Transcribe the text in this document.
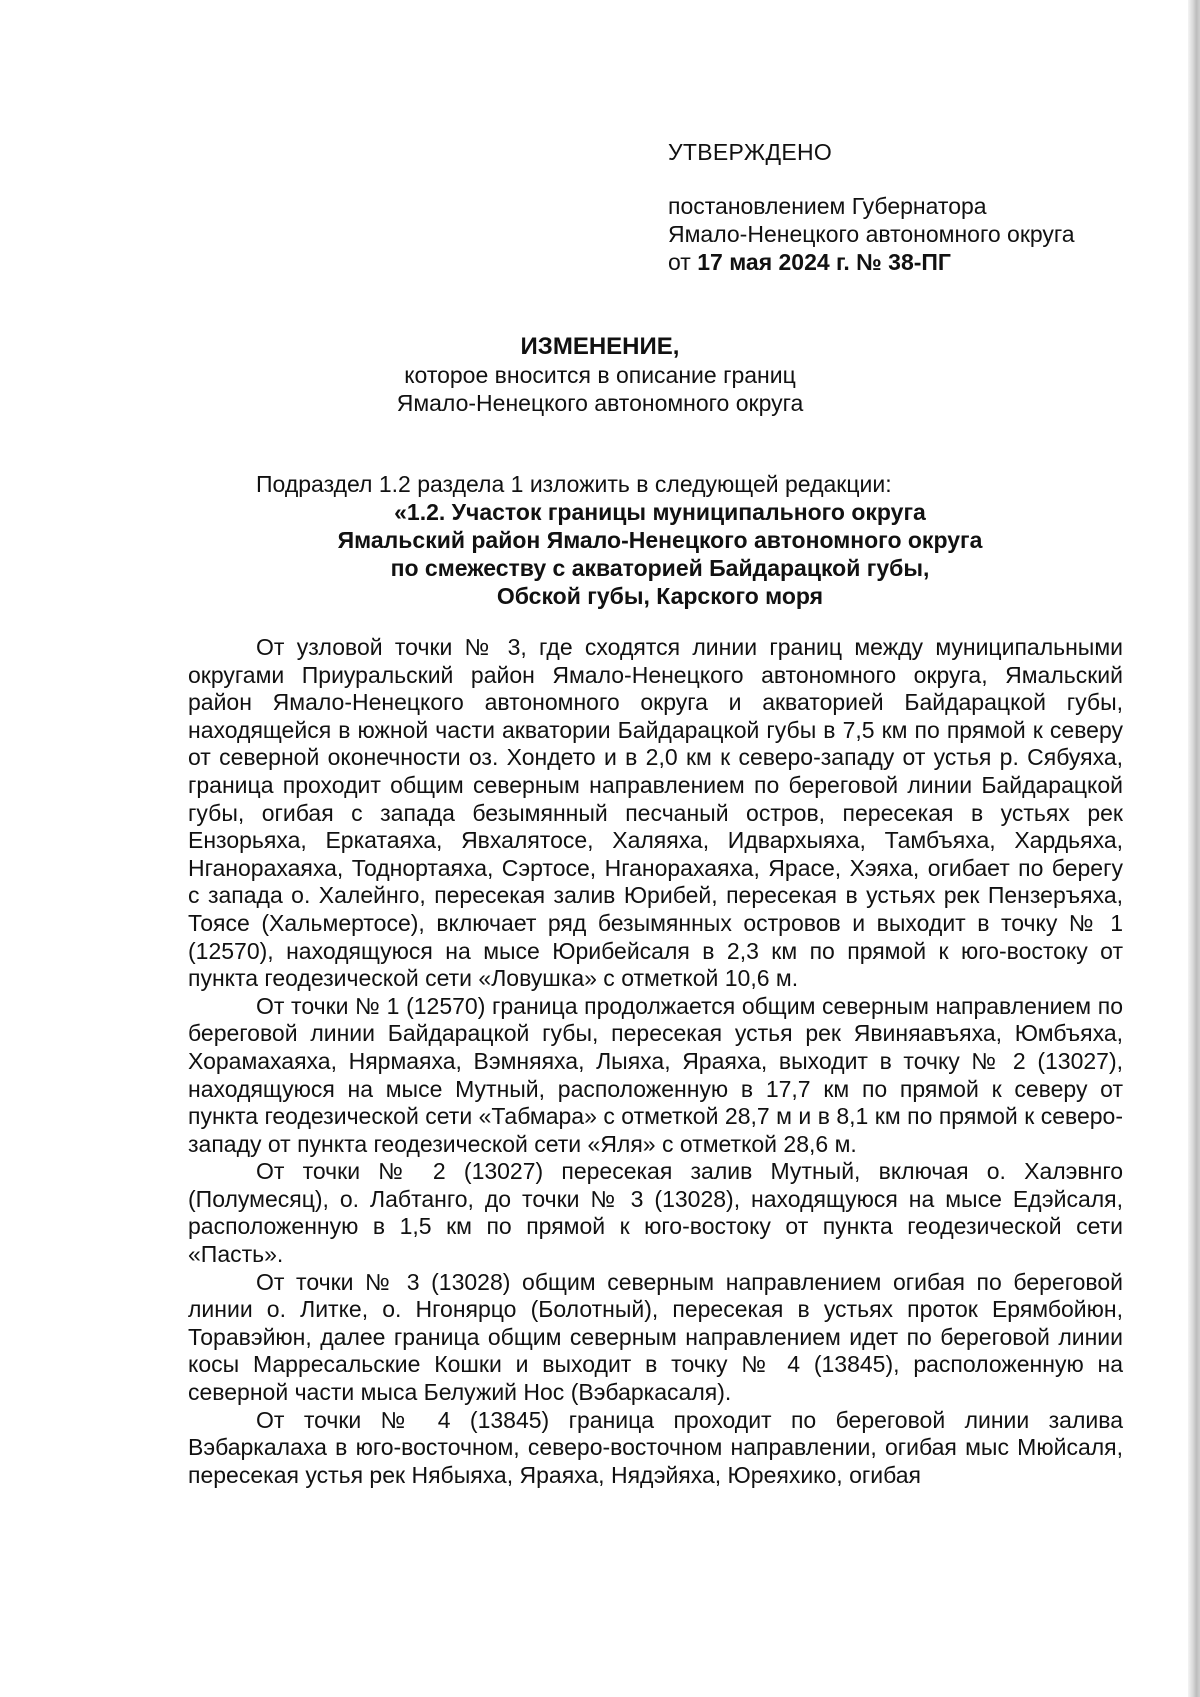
УТВЕРЖДЕНО
постановлением Губернатора
Ямало-Ненецкого автономного округа
от 17 мая 2024 г. № 38-ПГ
ИЗМЕНЕНИЕ,
которое вносится в описание границ
Ямало-Ненецкого автономного округа
Подраздел 1.2 раздела 1 изложить в следующей редакции:
«1.2. Участок границы муниципального округа
Ямальский район Ямало-Ненецкого автономного округа
по смежеству с акваторией Байдарацкой губы,
Обской губы, Карского моря

От узловой точки № 3, где сходятся линии границ между муниципальными округами Приуральский район Ямало-Ненецкого автономного округа, Ямальский район Ямало-Ненецкого автономного округа и акваторией Байдарацкой губы, находящейся в южной части акватории Байдарацкой губы в 7,5 км по прямой к северу от северной оконечности оз. Хондето и в 2,0 км к северо-западу от устья р. Сябуяха, граница проходит общим северным направлением по береговой линии Байдарацкой губы, огибая с запада безымянный песчаный остров, пересекая в устьях рек Ензорьяха, Еркатаяха, Явхалятосе, Халяяха, Идвархыяха, Тамбъяха, Хардьяха, Нганорахаяха, Тоднортаяха, Сэртосе, Нганорахаяха, Ярасе, Хэяха, огибает по берегу с запада о. Халейнго, пересекая залив Юрибей, пересекая в устьях рек Пензеръяха, Тоясе (Хальмертосе), включает ряд безымянных островов и выходит в точку № 1 (12570), находящуюся на мысе Юрибейсаля в 2,3 км по прямой к юго-востоку от пункта геодезической сети «Ловушка» с отметкой 10,6 м.

От точки № 1 (12570) граница продолжается общим северным направлением по береговой линии Байдарацкой губы, пересекая устья рек Явиняавъяха, Юмбъяха, Хорамахаяха, Нярмаяха, Вэмняяха, Лыяха, Яраяха, выходит в точку № 2 (13027), находящуюся на мысе Мутный, расположенную в 17,7 км по прямой к северу от пункта геодезической сети «Табмара» с отметкой 28,7 м и в 8,1 км по прямой к северо-западу от пункта геодезической сети «Яля» с отметкой 28,6 м.

От точки № 2 (13027) пересекая залив Мутный, включая о. Халэвнго (Полумесяц), о. Лабтанго, до точки № 3 (13028), находящуюся на мысе Едэйсаля, расположенную в 1,5 км по прямой к юго-востоку от пункта геодезической сети «Пасть».

От точки № 3 (13028) общим северным направлением огибая по береговой линии о. Литке, о. Нгонярцо (Болотный), пересекая в устьях проток Ерямбойюн, Торавэйюн, далее граница общим северным направлением идет по береговой линии косы Марресальские Кошки и выходит в точку № 4 (13845), расположенную на северной части мыса Белужий Нос (Вэбаркасаля).

От точки № 4 (13845) граница проходит по береговой линии залива Вэбаркалаха в юго-восточном, северо-восточном направлении, огибая мыс Мюйсаля, пересекая устья рек Нябыяха, Яраяха, Нядэйяха, Юреяхико, огибая
